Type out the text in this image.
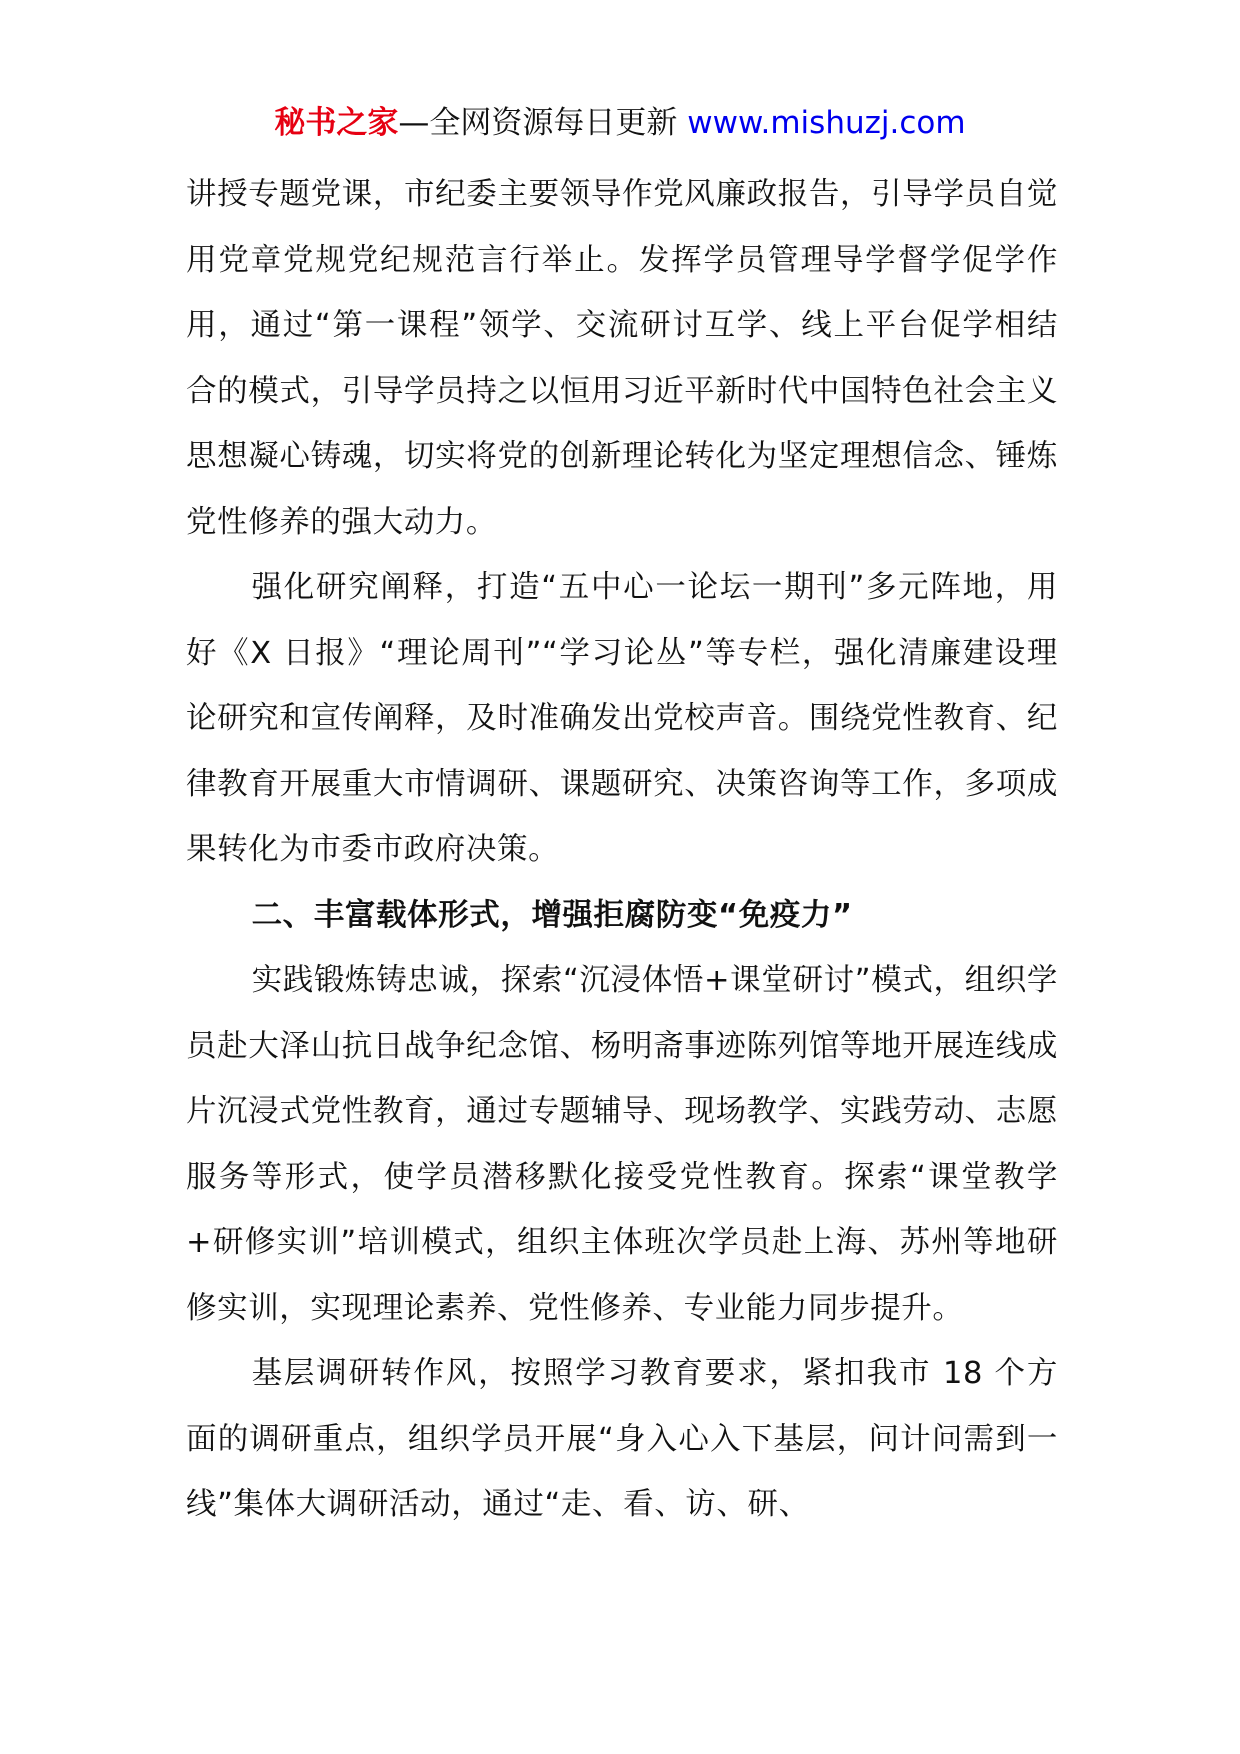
秘书之家—全网资源每日更新 www.mishuzj.com

讲授专题党课，市纪委主要领导作党风廉政报告，引导学员自觉用党章党规党纪规范言行举止。发挥学员管理导学督学促学作用，通过“第一课程”领学、交流研讨互学、线上平台促学相结合的模式，引导学员持之以恒用习近平新时代中国特色社会主义思想凝心铸魂，切实将党的创新理论转化为坚定理想信念、锤炼党性修养的强大动力。

强化研究阐释，打造“五中心一论坛一期刊”多元阵地，用好《X 日报》“理论周刊”“学习论丛”等专栏，强化清廉建设理论研究和宣传阐释，及时准确发出党校声音。围绕党性教育、纪律教育开展重大市情调研、课题研究、决策咨询等工作，多项成果转化为市委市政府决策。

二、丰富载体形式，增强拒腐防变“免疫力”

实践锻炼铸忠诚，探索“沉浸体悟+课堂研讨”模式，组织学员赴大泽山抗日战争纪念馆、杨明斋事迹陈列馆等地开展连线成片沉浸式党性教育，通过专题辅导、现场教学、实践劳动、志愿服务等形式，使学员潜移默化接受党性教育。探索“课堂教学+研修实训”培训模式，组织主体班次学员赴上海、苏州等地研修实训，实现理论素养、党性修养、专业能力同步提升。

基层调研转作风，按照学习教育要求，紧扣我市 18 个方面的调研重点，组织学员开展“身入心入下基层，问计问需到一线”集体大调研活动，通过“走、看、访、研、
